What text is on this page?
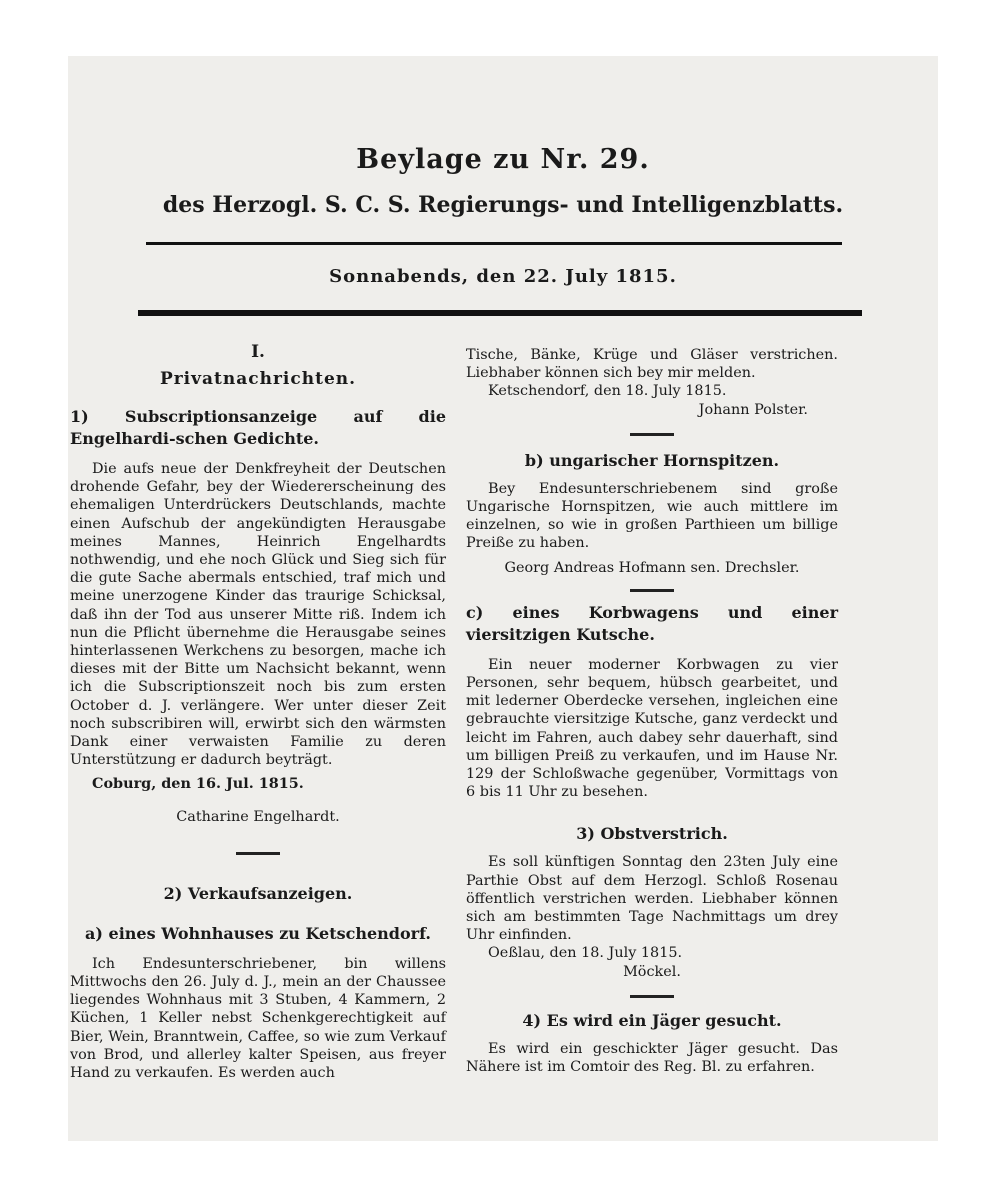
Beylage zu Nr. 29.
des Herzogl. S. C. S. Regierungs- und Intelligenzblatts.
Sonnabends, den 22. July 1815.

I.

Privatnachrichten.

1) Subscriptionsanzeige auf die Engelhardi-schen Gedichte.

Die aufs neue der Denkfreyheit der Deutschen drohende Gefahr, bey der Wiedererscheinung des ehemaligen Unterdrückers Deutschlands, machte einen Aufschub der angekündigten Herausgabe meines Mannes, Heinrich Engelhardts nothwendig, und ehe noch Glück und Sieg sich für die gute Sache abermals entschied, traf mich und meine unerzogene Kinder das traurige Schicksal, daß ihn der Tod aus unserer Mitte riß. Indem ich nun die Pflicht übernehme die Herausgabe seines hinterlassenen Werkchens zu besorgen, mache ich dieses mit der Bitte um Nachsicht bekannt, wenn ich die Subscriptionszeit noch bis zum ersten October d. J. verlängere. Wer unter dieser Zeit noch subscribiren will, erwirbt sich den wärmsten Dank einer verwaisten Familie zu deren Unterstützung er dadurch beyträgt.

Coburg, den 16. Jul. 1815.

Catharine Engelhardt.

2) Verkaufsanzeigen.

a) eines Wohnhauses zu Ketschendorf.

Ich Endesunterschriebener, bin willens Mittwochs den 26. July d. J., mein an der Chaussee liegendes Wohnhaus mit 3 Stuben, 4 Kammern, 2 Küchen, 1 Keller nebst Schenkgerechtigkeit auf Bier, Wein, Branntwein, Caffee, so wie zum Verkauf von Brod, und allerley kalter Speisen, aus freyer Hand zu verkaufen. Es werden auch

Tische, Bänke, Krüge und Gläser verstrichen. Liebhaber können sich bey mir melden.

Ketschendorf, den 18. July 1815.

Johann Polster.

b) ungarischer Hornspitzen.

Bey Endesunterschriebenem sind große Ungarische Hornspitzen, wie auch mittlere im einzelnen, so wie in großen Parthieen um billige Preiße zu haben.

Georg Andreas Hofmann sen. Drechsler.

c) eines Korbwagens und einer viersitzigen Kutsche.

Ein neuer moderner Korbwagen zu vier Personen, sehr bequem, hübsch gearbeitet, und mit lederner Oberdecke versehen, ingleichen eine gebrauchte viersitzige Kutsche, ganz verdeckt und leicht im Fahren, auch dabey sehr dauerhaft, sind um billigen Preiß zu verkaufen, und im Hause Nr. 129 der Schloßwache gegenüber, Vormittags von 6 bis 11 Uhr zu besehen.

3) Obstverstrich.

Es soll künftigen Sonntag den 23ten July eine Parthie Obst auf dem Herzogl. Schloß Rosenau öffentlich verstrichen werden. Liebhaber können sich am bestimmten Tage Nachmittags um drey Uhr einfinden.

Oeßlau, den 18. July 1815.

Möckel.

4) Es wird ein Jäger gesucht.

Es wird ein geschickter Jäger gesucht. Das Nähere ist im Comtoir des Reg. Bl. zu erfahren.
